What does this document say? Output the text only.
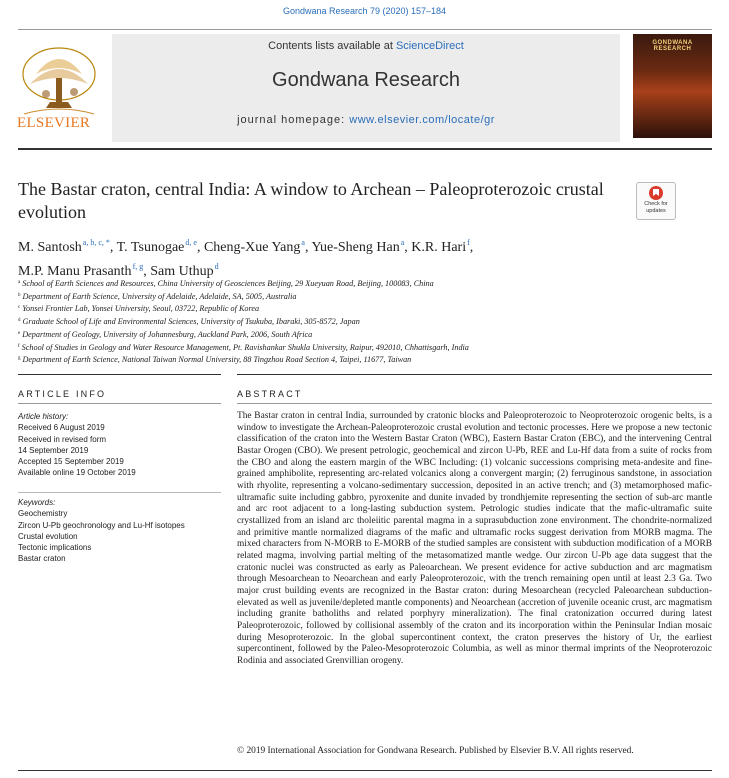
Gondwana Research 79 (2020) 157–184
ELSEVIER
Contents lists available at ScienceDirect
Gondwana Research
journal homepage: www.elsevier.com/locate/gr
GONDWANA RESEARCH
The Bastar craton, central India: A window to Archean – Paleoproterozoic crustal evolution	Check for
updates
M. Santosh$^{a, b, c, *}$, T. Tsunogae$^{d, e}$, Cheng-Xue Yang$^a$, Yue-Sheng Han$^a$, K.R. Hari$^f$,
M.P. Manu Prasanth$^{f, g}$, Sam Uthup$^d$
$^a$ School of Earth Sciences and Resources, China University of Geosciences Beijing, 29 Xueyuan Road, Beijing, 100083, China
$^b$ Department of Earth Science, University of Adelaide, Adelaide, SA, 5005, Australia
$^c$ Yonsei Frontier Lab, Yonsei University, Seoul, 03722, Republic of Korea
$^d$ Graduate School of Life and Environmental Sciences, University of Tsukuba, Ibaraki, 305-8572, Japan
$^e$ Department of Geology, University of Johannesburg, Auckland Park, 2006, South Africa
$^f$ School of Studies in Geology and Water Resource Management, Pt. Ravishankar Shukla University, Raipur, 492010, Chhattisgarh, India
$^g$ Department of Earth Science, National Taiwan Normal University, 88 Tingzhou Road Section 4, Taipei, 11677, Taiwan
ARTICLE INFO	ABSTRACT
Article history:
Received 6 August 2019
Received in revised form
14 September 2019
Accepted 15 September 2019
Available online 19 October 2019
Keywords:
Geochemistry
Zircon U-Pb geochronology and Lu-Hf isotopes
Crustal evolution
Tectonic implications
Bastar craton
The Bastar craton in central India, surrounded by cratonic blocks and Paleoproterozoic to Neoproterozoic orogenic belts, is a window to investigate the Archean-Paleoproterozoic crustal evolution and tectonic processes. Here we propose a new tectonic classification of the craton into the Western Bastar Craton (WBC), Eastern Bastar Craton (EBC), and the intervening Central Bastar Orogen (CBO). We present petrologic, geochemical and zircon U-Pb, REE and Lu-Hf data from a suite of rocks from the CBO and along the eastern margin of the WBC Including: (1) volcanic successions comprising meta-andesite and fine-grained amphibolite, representing arc-related volcanics along a convergent margin; (2) ferruginous sandstone, in association with rhyolite, representing a volcano-sedimentary succession, deposited in an active trench; and (3) metamorphosed mafic-ultramafic suite including gabbro, pyroxenite and dunite invaded by trondhjemite representing the section of sub-arc mantle and arc root adjacent to a long-lasting subduction system. Petrologic studies indicate that the mafic-ultramafic suite crystallized from an island arc tholeiitic parental magma in a suprasubduction zone environment. The chondrite-normalized and primitive mantle normalized diagrams of the mafic and ultramafic rocks suggest derivation from MORB magma. The mixed characters from N-MORB to E-MORB of the studied samples are consistent with subduction modification of a MORB related magma, involving partial melting of the metasomatized mantle wedge. Our zircon U-Pb age data suggest that the cratonic nuclei was constructed as early as Paleoarchean. We present evidence for active subduction and arc magmatism through Mesoarchean to Neoarchean and early Paleoproterozoic, with the trench remaining open until at least 2.3 Ga. Two major crust building events are recognized in the Bastar craton: during Mesoarchean (recycled Paleoarchean subduction-elevated as well as juvenile/depleted mantle components) and Neoarchean (accretion of juvenile oceanic crust, arc magmatism including granite batholiths and related porphyry mineralization). The final cratonization occurred during latest Paleoproterozoic, followed by collisional assembly of the craton and its incorporation within the Peninsular Indian mosaic during Mesoproterozoic. In the global supercontinent context, the craton preserves the history of Ur, the earliest supercontinent, followed by the Paleo-Mesoproterozoic Columbia, as well as minor thermal imprints of the Neoproterozoic Rodinia and associated Grenvillian orogeny.
© 2019 International Association for Gondwana Research. Published by Elsevier B.V. All rights reserved.
